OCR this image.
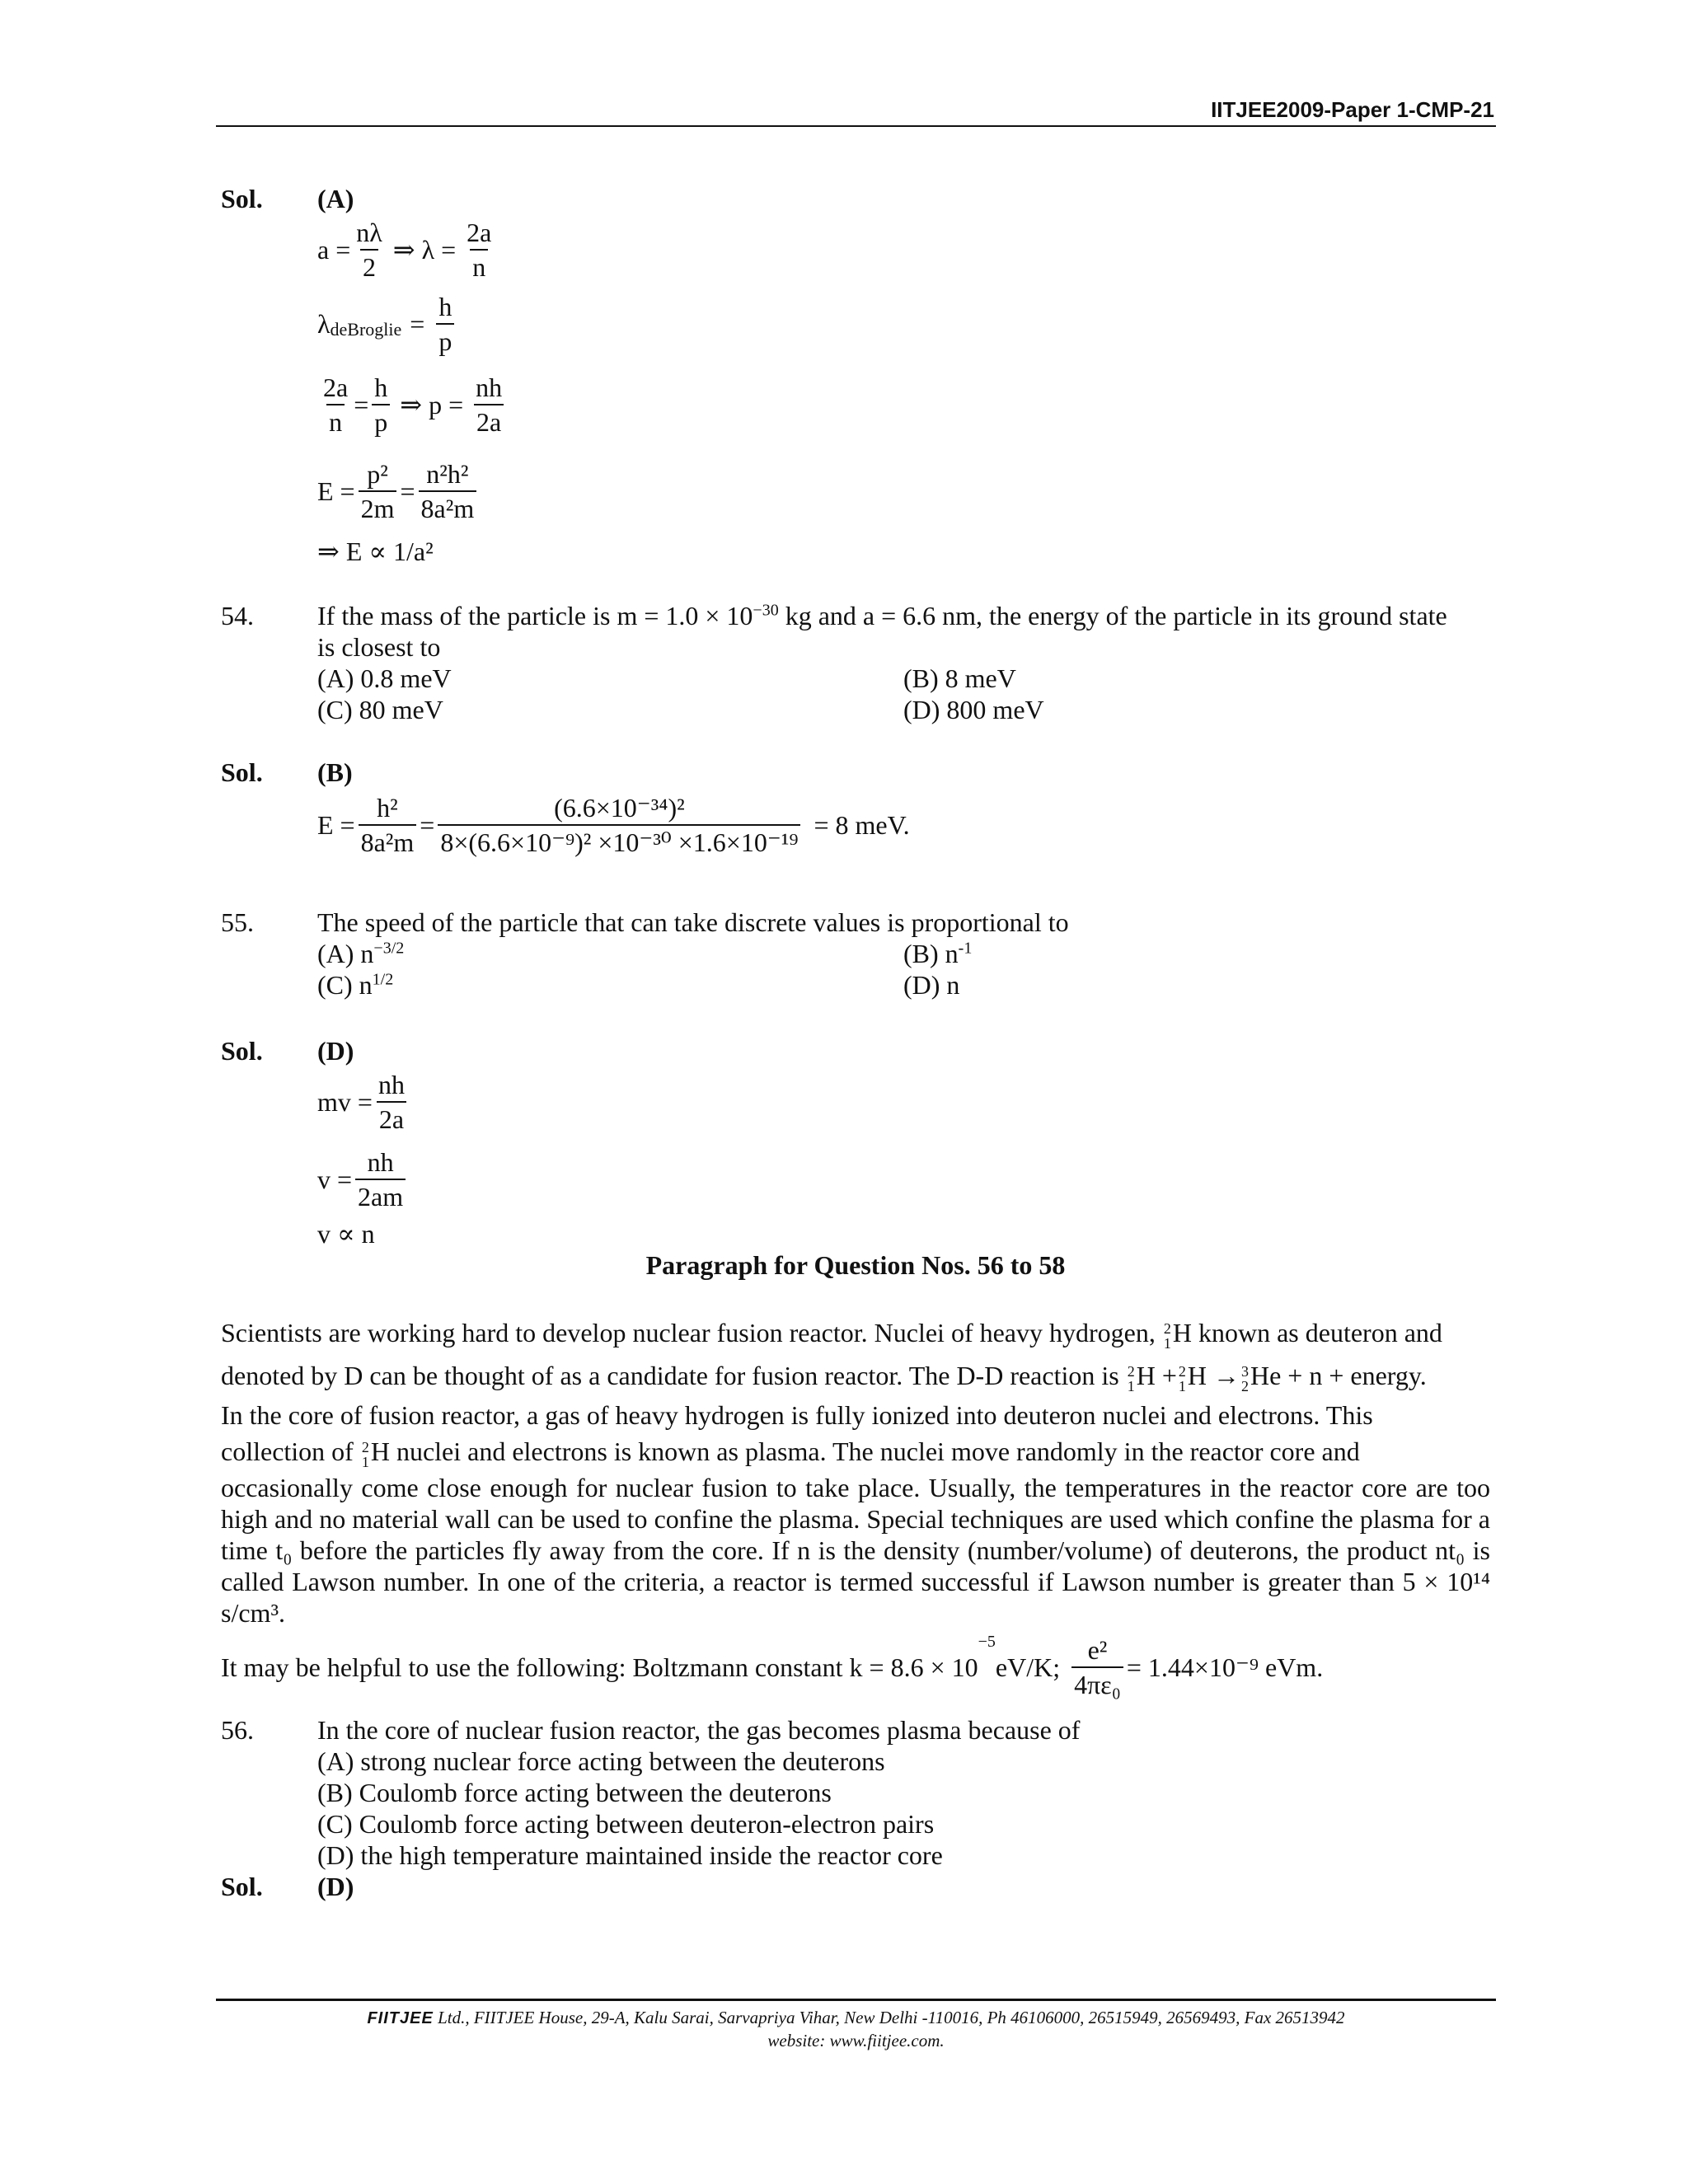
IITJEE2009-Paper 1-CMP-21
Sol. (A)
$a = \frac{n\lambda}{2}$ ⇒ $\lambda = \frac{2a}{n}$
$\lambda_{deBroglie} = \frac{h}{p}$
$\frac{2a}{n} = \frac{h}{p}$ ⇒ $p = \frac{nh}{2a}$
$E = \frac{\text{p²}}{2m} = \frac{\text{n²h²}}{\text{8a²m}}$
⇒ E ∝ 1/a²
54. If the mass of the particle is $m = 1.0 \times 10^{-30}$ kg and a = 6.6 nm, the energy of the particle in its ground state
is closest to
(A) 0.8 meV	(B) 8 meV
(C) 80 meV	(D) 800 meV
Sol. (B)
$E = \frac{\text{h²}}{\text{8a²m}} = \frac{\text{(6.6×10⁻³⁴)²}}{\text{8×(6.6×10⁻⁹)² ×10⁻³⁰ ×1.6×10⁻¹⁹}} = 8$ meV.
55. The speed of the particle that can take discrete values is proportional to
(A) $n^{-3/2}$	(B) $n^{-1}$
(C) $n^{1/2}$	(D) n
Sol. (D)
mv = $\frac{nh}{2a}$
$v = \frac{nh}{2am}$
v ∝ n
Paragraph for Question Nos. 56 to 58
Scientists are working hard to develop nuclear fusion reactor. Nuclei of heavy hydrogen, 2
1 H known as deuteron and
denoted by D can be thought of as a candidate for fusion reactor. The D-D reaction is 2
1 H + 2
1 H → 3
2 He + n + energy.
In the core of fusion reactor, a gas of heavy hydrogen is fully ionized into deuteron nuclei and electrons. This
collection of 2
1 H nuclei and electrons is known as plasma. The nuclei move randomly in the reactor core and
occasionally come close enough for nuclear fusion to take place. Usually, the temperatures in the reactor core are too high and no material wall can be used to confine the plasma. Special techniques are used which confine the plasma for a time t₀ before the particles fly away from the core. If n is the density (number/volume) of deuterons, the product nt₀ is called Lawson number. In one of the criteria, a reactor is termed successful if Lawson number is greater than 5 × 10¹⁴ s/cm³.
It may be helpful to use the following: Boltzmann constant k = 8.6 × 10
−5
eV/K; $\frac{\text{e²}}{\text{4πε₀}} = 1.44\times 10^{-9}$ eVm.
56. In the core of nuclear fusion reactor, the gas becomes plasma because of
(A) strong nuclear force acting between the deuterons
(B) Coulomb force acting between the deuterons
(C) Coulomb force acting between deuteron-electron pairs
(D) the high temperature maintained inside the reactor core
Sol. (D)
FIITJEE Ltd., FIITJEE House, 29-A, Kalu Sarai, Sarvapriya Vihar, New Delhi -110016, Ph 46106000, 26515949, 26569493, Fax 26513942
website: www.fiitjee.com.
